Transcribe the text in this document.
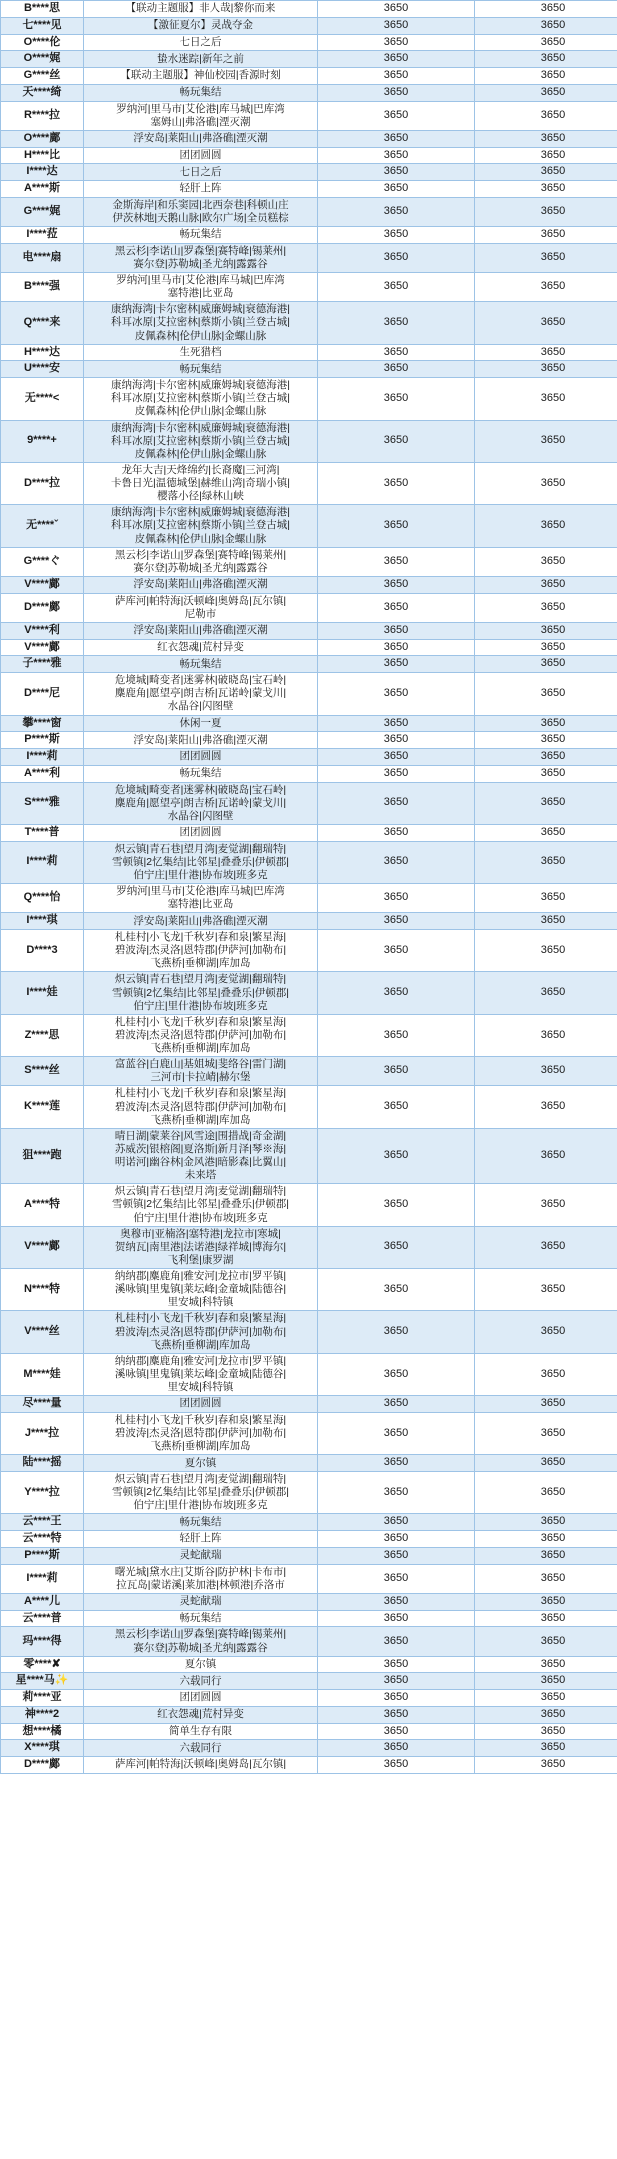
B****思	【联动主题服】非人哉|黎你而来	3650	3650
七****见	【激征夏尔】灵战夺金	3650	3650
O****伦	七日之后	3650	3650
O****娓	蛰水迷踪|新年之前	3650	3650
G****丝	【联动主题服】神仙校园|香源时刻	3650	3650
天****绮	畅玩集结	3650	3650
R****拉	罗纳河|里马市|艾伦港|库马城|巴库湾
塞姆山|弗洛礁|湮灭潮	3650	3650
O****鄺	浮安岛|莱阳山|弗洛礁|湮灭潮	3650	3650
H****比	团团圆圆	3650	3650
I****达	七日之后	3650	3650
A****斯	轻肝上阵	3650	3650
G****娓	金斯海岸|和乐窦园|北西奈巷|科顿山庄
伊茨林地|天鹅山脉|欧尔广场|全员糕棕	3650	3650
I****菈	畅玩集结	3650	3650
电****扇	黑云杉|李诺山|罗森堡|赛特峰|锡莱州|
赛尔登|苏勒城|圣尤纳|露露谷	3650	3650
B****强	罗纳河|里马市|艾伦港|库马城|巴库湾
塞特港|比亚岛	3650	3650
Q****来	康纳海湾|卡尔密林|威廉姆城|衰德海港|
科耳冰原|艾拉密林|蔡斯小镇|兰登古城|
皮佩森林|伦伊山脉|金螺山脉	3650	3650
H****达	生死猎档	3650	3650
U****安	畅玩集结	3650	3650
无****<	康纳海湾|卡尔密林|威廉姆城|衰德海港|
科耳冰原|艾拉密林|蔡斯小镇|兰登古城|
皮佩森林|伦伊山脉|金螺山脉	3650	3650
9****+	康纳海湾|卡尔密林|威廉姆城|衰德海港|
科耳冰原|艾拉密林|蔡斯小镇|兰登古城|
皮佩森林|伦伊山脉|金螺山脉	3650	3650
D****拉	龙年大吉|天烽绵约|长裔魔|三河湾|
卡鲁日光|温德城堡|赫维山湾|奇瑞小镇|
樱落小径|绿林山峡	3650	3650
无****ˇ	康纳海湾|卡尔密林|威廉姆城|衰德海港|
科耳冰原|艾拉密林|蔡斯小镇|兰登古城|
皮佩森林|伦伊山脉|金螺山脉	3650	3650
G****ぐ	黑云杉|李诺山|罗森堡|赛特峰|锡莱州|
赛尔登|苏勒城|圣尤纳|露露谷	3650	3650
V****鄺	浮安岛|莱阳山|弗洛礁|湮灭潮	3650	3650
D****鄺	萨库河|帕特海|沃顿峰|奥姆岛|瓦尔镇|
尼勒市	3650	3650
V****利	浮安岛|莱阳山|弗洛礁|湮灭潮	3650	3650
V****鄺	红衣怨魂|荒村异变	3650	3650
子****雅	畅玩集结	3650	3650
D****尼	危境城|畸变者|迷雾林|破晓岛|宝石岭|
麋鹿角|愿望亭|朗吉桥|瓦诺岭|蒙戈川|
水晶谷|闪图壁	3650	3650
攀****窗	休闲一夏	3650	3650
P****斯	浮安岛|莱阳山|弗洛礁|湮灭潮	3650	3650
I****莉	团团圆圆	3650	3650
A****利	畅玩集结	3650	3650
S****雅	危境城|畸变者|迷雾林|破晓岛|宝石岭|
麋鹿角|愿望亭|朗吉桥|瓦诺岭|蒙戈川|
水晶谷|闪图壁	3650	3650
T****普	团团圆圆	3650	3650
I****莉	炽云镇|青石巷|望月湾|麦觉湖|翻瑞特|
雪顿镇|2忆集结|比邻星|叠叠乐|伊顿郡|
伯宁庄|里什港|协布坡|班多克	3650	3650
Q****怡	罗纳河|里马市|艾伦港|库马城|巴库湾
塞特港|比亚岛	3650	3650
I****琪	浮安岛|莱阳山|弗洛礁|湮灭潮	3650	3650
D****3	札桂村|小飞龙|千秋岁|春和泉|繁星海|
碧波涛|杰灵洛|恩特郡|伊萨河|加勒布|
飞燕桥|垂柳湖|库加岛	3650	3650
I****娃	炽云镇|青石巷|望月湾|麦觉湖|翻瑞特|
雪顿镇|2忆集结|比邻星|叠叠乐|伊顿郡|
伯宁庄|里什港|协布坡|班多克	3650	3650
Z****思	札桂村|小飞龙|千秋岁|春和泉|繁星海|
碧波涛|杰灵洛|恩特郡|伊萨河|加勒布|
飞燕桥|垂柳湖|库加岛	3650	3650
S****丝	富蓝谷|白鹿山|基姐城|斐络谷|雷门湖|
三河市|卡拉崝|赫尔堡	3650	3650
K****莲	札桂村|小飞龙|千秋岁|春和泉|繁星海|
碧波涛|杰灵洛|恩特郡|伊萨河|加勒布|
飞燕桥|垂柳湖|库加岛	3650	3650
狙****跑	晴日湖|蒙莱谷|风雪途|围措战|奇金湖|
苏威茨|银榕阁|夏洛斯|新月泽|琴※海|
明诺河|幽谷林|金风港|暗影森|比翼山|
未来塔	3650	3650
A****特	炽云镇|青石巷|望月湾|麦觉湖|翻瑞特|
雪顿镇|2忆集结|比邻星|叠叠乐|伊顿郡|
伯宁庄|里什港|协布坡|班多克	3650	3650
V****鄺	奥穆市|亚楠洛|塞特港|龙拉市|寒城|
贺纳瓦|南里港|法诺港|绿祥城|博海尔|
飞利堡|康罗湖	3650	3650
N****特	纳纳郡|麋鹿角|雅安河|龙拉市|罗平镇|
溪咏镇|里鬼镇|莱坛峰|金童城|陆德谷|
里安城|科特镇	3650	3650
V****丝	札桂村|小飞龙|千秋岁|春和泉|繁星海|
碧波涛|杰灵洛|恩特郡|伊萨河|加勒布|
飞燕桥|垂柳湖|库加岛	3650	3650
M****娃	纳纳郡|麋鹿角|雅安河|龙拉市|罗平镇|
溪咏镇|里鬼镇|莱坛峰|金童城|陆德谷|
里安城|科特镇	3650	3650
尽****量	团团圆圆	3650	3650
J****拉	札桂村|小飞龙|千秋岁|春和泉|繁星海|
碧波涛|杰灵洛|恩特郡|伊萨河|加勒布|
飞燕桥|垂柳湖|库加岛	3650	3650
陆****摇	夏尔镇	3650	3650
Y****拉	炽云镇|青石巷|望月湾|麦觉湖|翻瑞特|
雪顿镇|2忆集结|比邻星|叠叠乐|伊顿郡|
伯宁庄|里什港|协布坡|班多克	3650	3650
云****王	畅玩集结	3650	3650
云****特	轻肝上阵	3650	3650
P****斯	灵蛇献瑞	3650	3650
I****莉	曙光城|黛水庄|艾斯谷|防护林|卡布市|
拉瓦岛|蒙诺溪|莱加港|林顿港|乔洛市	3650	3650
A****儿	灵蛇献瑞	3650	3650
云****普	畅玩集结	3650	3650
玛****得	黑云杉|李诺山|罗森堡|赛特峰|锡莱州|
赛尔登|苏勒城|圣尤纳|露露谷	3650	3650
零****✘	夏尔镇	3650	3650
星****马✨	六载同行	3650	3650
莉****亚	团团圆圆	3650	3650
神****2	红衣怨魂|荒村异变	3650	3650
想****橘	简单生存有限	3650	3650
X****琪	六载同行	3650	3650
D****鄺	萨库河|帕特海|沃顿峰|奥姆岛|瓦尔镇|	3650	3650
